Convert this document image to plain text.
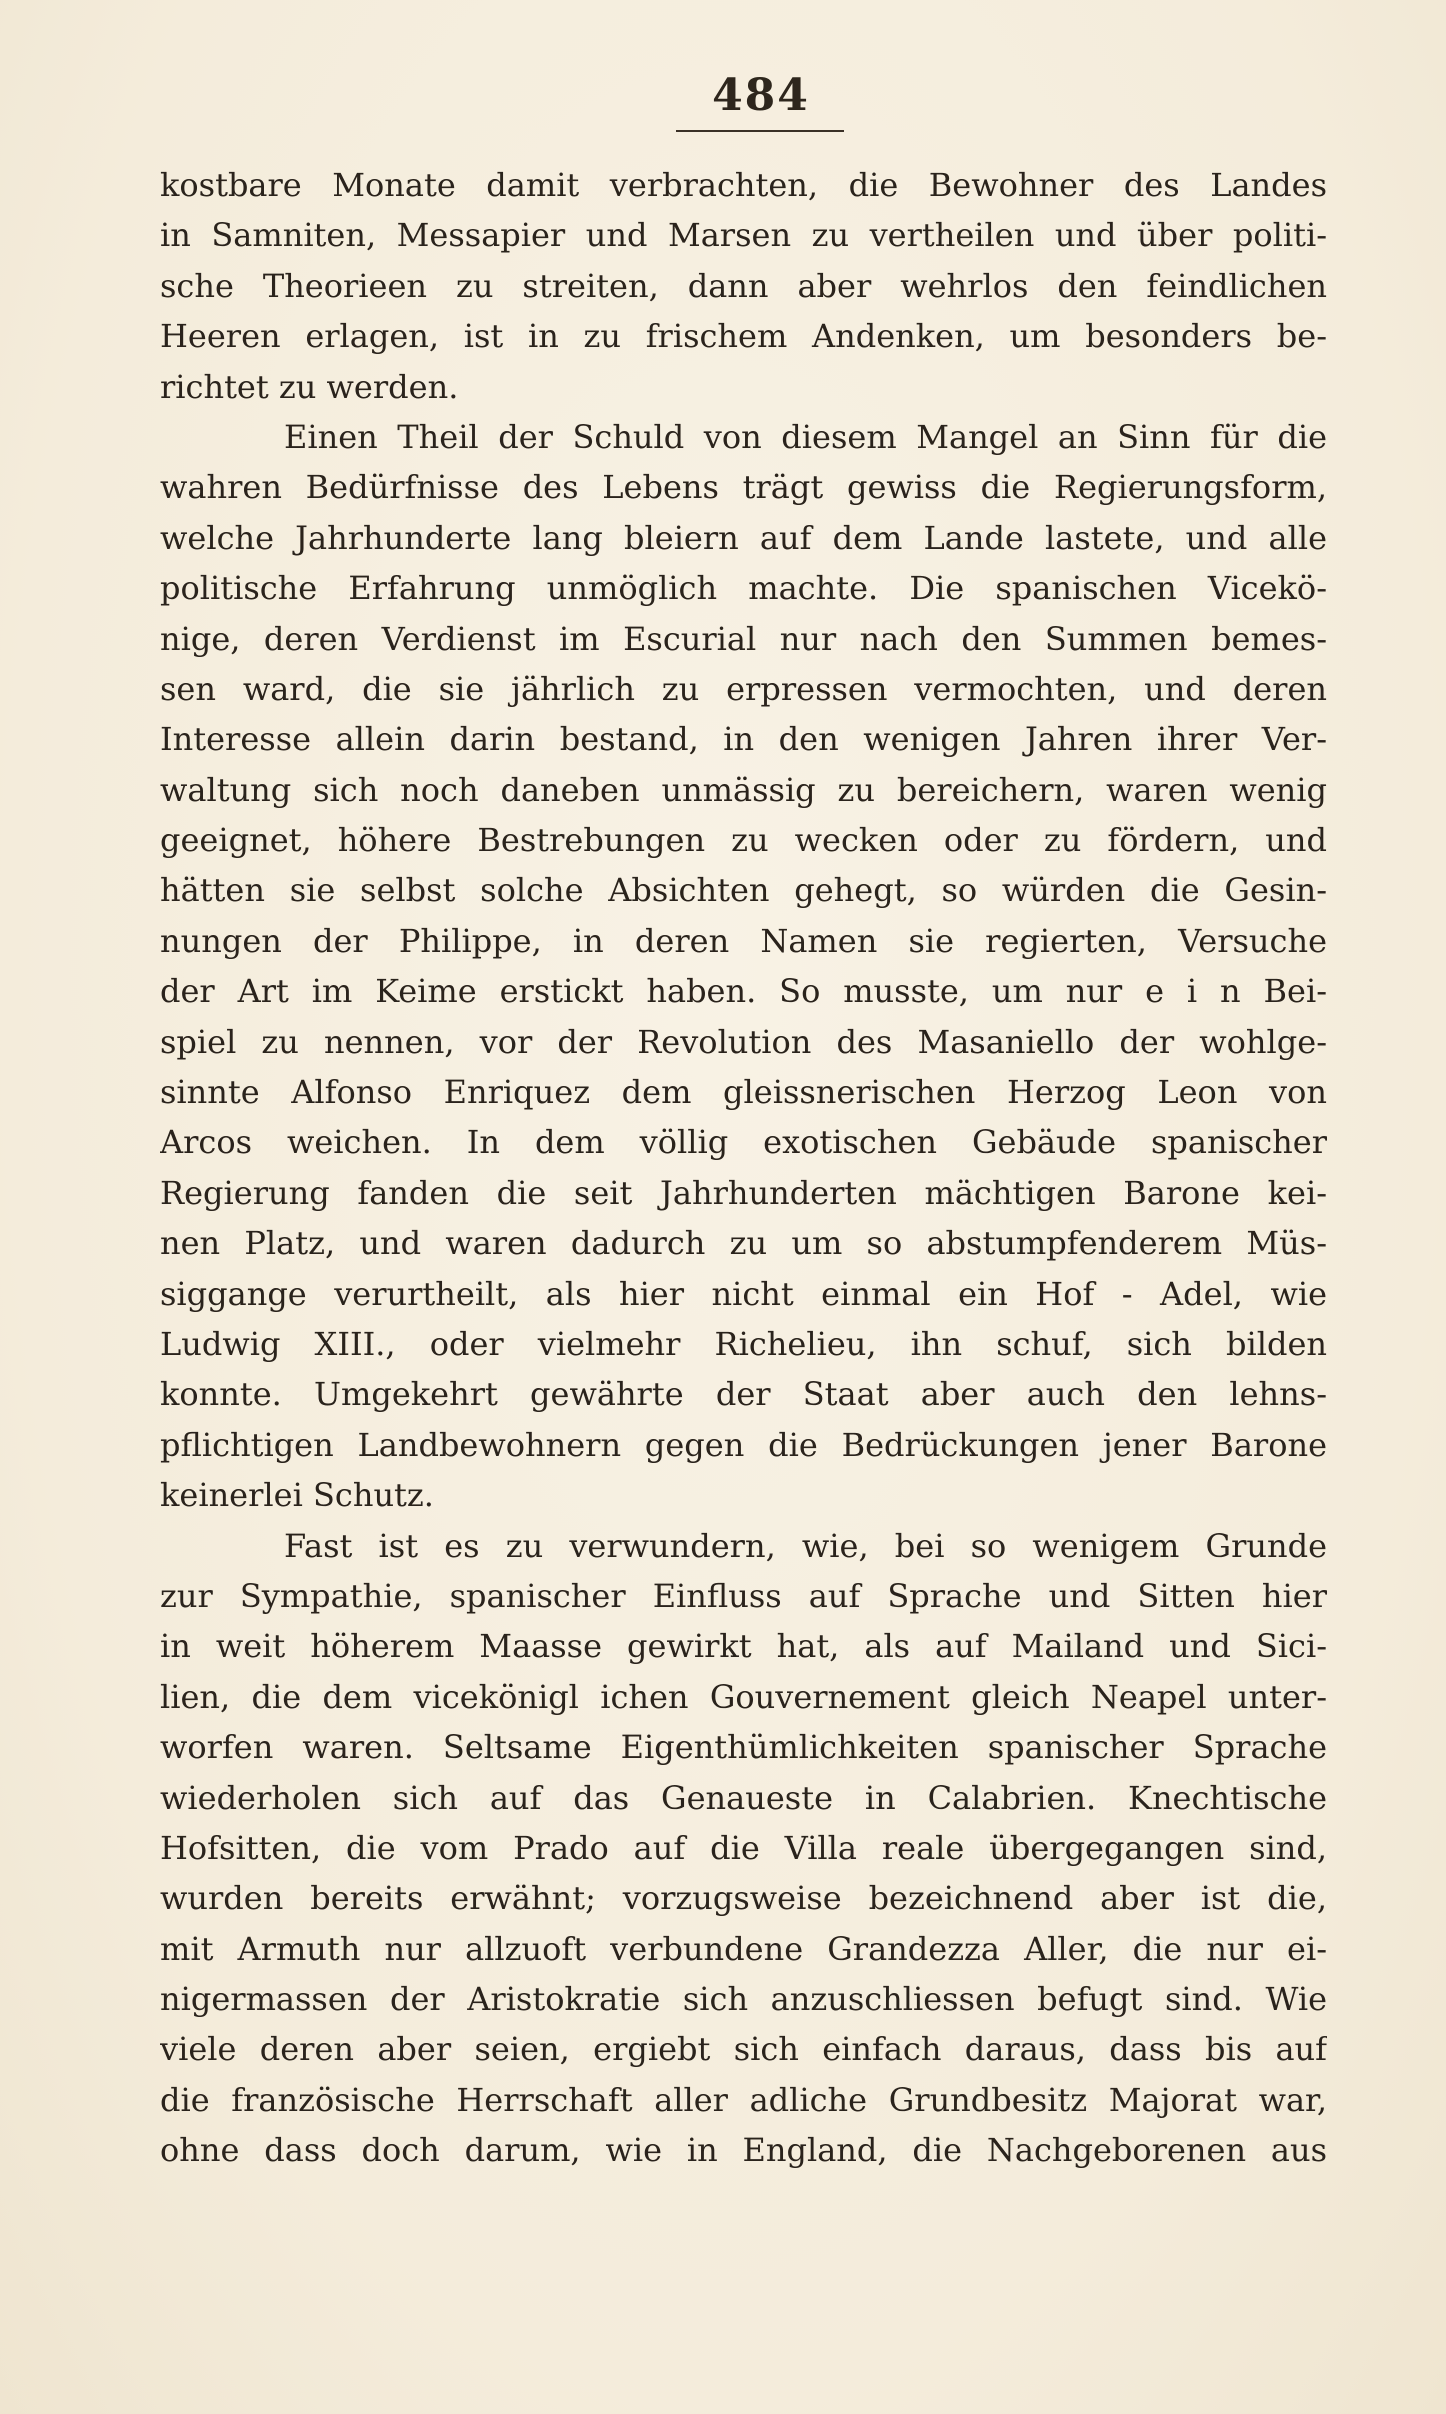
484
kostbare Monate damit verbrachten, die Bewohner des Landes
in Samniten, Messapier und Marsen zu vertheilen und über politi-
sche Theorieen zu streiten, dann aber wehrlos den feindlichen
Heeren erlagen, ist in zu frischem Andenken, um besonders be-
richtet zu werden.
Einen Theil der Schuld von diesem Mangel an Sinn für die
wahren Bedürfnisse des Lebens trägt gewiss die Regierungsform,
welche Jahrhunderte lang bleiern auf dem Lande lastete, und alle
politische Erfahrung unmöglich machte. Die spanischen Vicekö-
nige, deren Verdienst im Escurial nur nach den Summen bemes-
sen ward, die sie jährlich zu erpressen vermochten, und deren
Interesse allein darin bestand, in den wenigen Jahren ihrer Ver-
waltung sich noch daneben unmässig zu bereichern, waren wenig
geeignet, höhere Bestrebungen zu wecken oder zu fördern, und
hätten sie selbst solche Absichten gehegt, so würden die Gesin-
nungen der Philippe, in deren Namen sie regierten, Versuche
der Art im Keime erstickt haben. So musste, um nur e i n Bei-
spiel zu nennen, vor der Revolution des Masaniello der wohlge-
sinnte Alfonso Enriquez dem gleissnerischen Herzog Leon von
Arcos weichen. In dem völlig exotischen Gebäude spanischer
Regierung fanden die seit Jahrhunderten mächtigen Barone kei-
nen Platz, und waren dadurch zu um so abstumpfenderem Müs-
siggange verurtheilt, als hier nicht einmal ein Hof - Adel, wie
Ludwig XIII., oder vielmehr Richelieu, ihn schuf, sich bilden
konnte. Umgekehrt gewährte der Staat aber auch den lehns-
pflichtigen Landbewohnern gegen die Bedrückungen jener Barone
keinerlei Schutz.
Fast ist es zu verwundern, wie, bei so wenigem Grunde
zur Sympathie, spanischer Einfluss auf Sprache und Sitten hier
in weit höherem Maasse gewirkt hat, als auf Mailand und Sici-
lien, die dem vicekönigl ichen Gouvernement gleich Neapel unter-
worfen waren. Seltsame Eigenthümlichkeiten spanischer Sprache
wiederholen sich auf das Genaueste in Calabrien. Knechtische
Hofsitten, die vom Prado auf die Villa reale übergegangen sind,
wurden bereits erwähnt; vorzugsweise bezeichnend aber ist die,
mit Armuth nur allzuoft verbundene Grandezza Aller, die nur ei-
nigermassen der Aristokratie sich anzuschliessen befugt sind. Wie
viele deren aber seien, ergiebt sich einfach daraus, dass bis auf
die französische Herrschaft aller adliche Grundbesitz Majorat war,
ohne dass doch darum, wie in England, die Nachgeborenen aus
